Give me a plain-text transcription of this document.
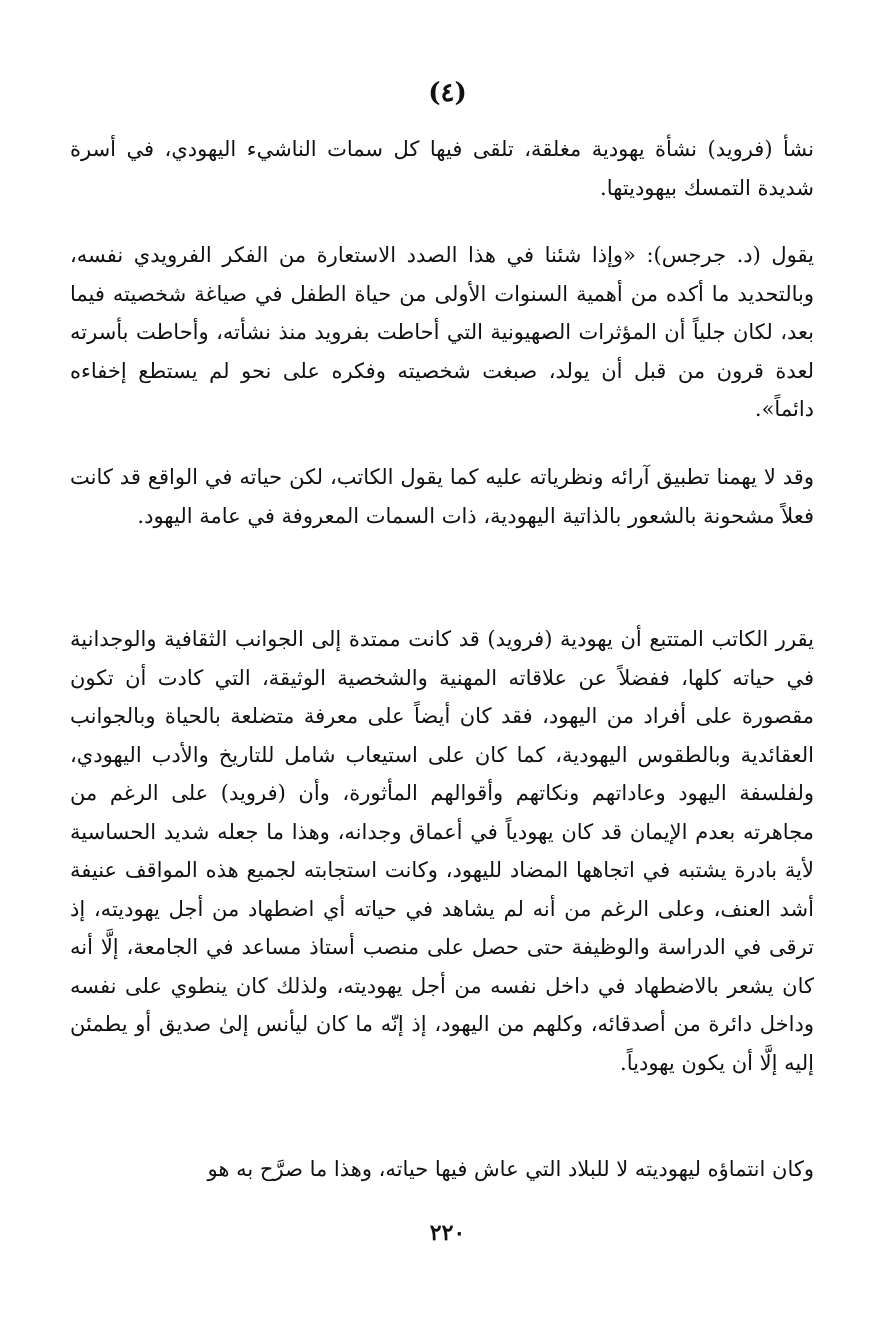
(٤)

نشأ (فرويد) نشأة يهودية مغلقة، تلقى فيها كل سمات الناشيء اليهودي، في أسرة شديدة التمسك بيهوديتها.

يقول (د. جرجس): «وإذا شئنا في هذا الصدد الاستعارة من الفكر الفرويدي نفسه، وبالتحديد ما أكده من أهمية السنوات الأولى من حياة الطفل في صياغة شخصيته فيما بعد، لكان جلياً أن المؤثرات الصهيونية التي أحاطت بفرويد منذ نشأته، وأحاطت بأسرته لعدة قرون من قبل أن يولد، صبغت شخصيته وفكره على نحو لم يستطع إخفاءه دائماً».

وقد لا يهمنا تطبيق آرائه ونظرياته عليه كما يقول الكاتب، لكن حياته في الواقع قد كانت فعلاً مشحونة بالشعور بالذاتية اليهودية، ذات السمات المعروفة في عامة اليهود.

يقرر الكاتب المتتبع أن يهودية (فرويد) قد كانت ممتدة إلى الجوانب الثقافية والوجدانية في حياته كلها، ففضلاً عن علاقاته المهنية والشخصية الوثيقة، التي كادت أن تكون مقصورة على أفراد من اليهود، فقد كان أيضاً على معرفة متضلعة بالحياة وبالجوانب العقائدية وبالطقوس اليهودية، كما كان على استيعاب شامل للتاريخ والأدب اليهودي، ولفلسفة اليهود وعاداتهم ونكاتهم وأقوالهم المأثورة، وأن (فرويد) على الرغم من مجاهرته بعدم الإيمان قد كان يهودياً في أعماق وجدانه، وهذا ما جعله شديد الحساسية لأية بادرة يشتبه في اتجاهها المضاد لليهود، وكانت استجابته لجميع هذه المواقف عنيفة أشد العنف، وعلى الرغم من أنه لم يشاهد في حياته أي اضطهاد من أجل يهوديته، إذ ترقى في الدراسة والوظيفة حتى حصل على منصب أستاذ مساعد في الجامعة، إلَّا أنه كان يشعر بالاضطهاد في داخل نفسه من أجل يهوديته، ولذلك كان ينطوي على نفسه وداخل دائرة من أصدقائه، وكلهم من اليهود، إذ إنّه ما كان ليأنس إلىٰ صديق أو يطمئن إليه إلَّا أن يكون يهودياً.

وكان انتماؤه ليهوديته لا للبلاد التي عاش فيها حياته، وهذا ما صرَّح به هو

٢٢٠
